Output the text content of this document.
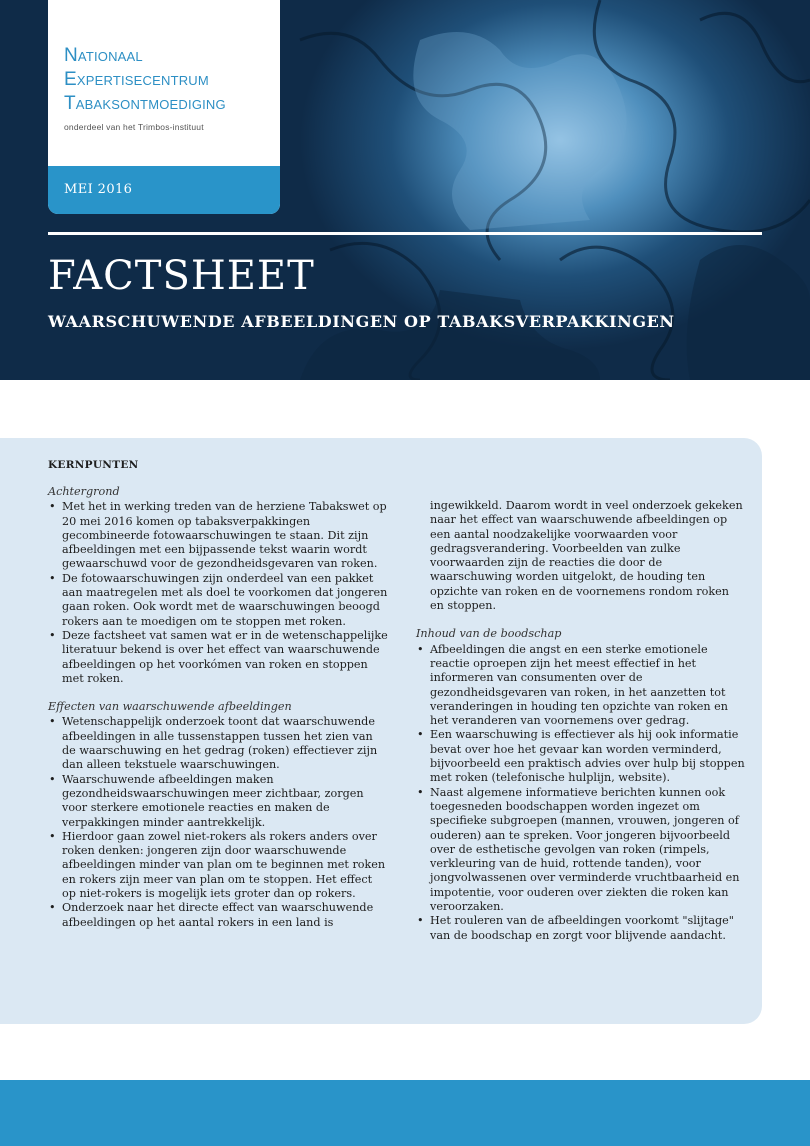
Nationaal
Expertisecentrum
Tabaksontmoediging
onderdeel van het Trimbos-instituut
MEI 2016
FACTSHEET
WAARSCHUWENDE AFBEELDINGEN OP TABAKSVERPAKKINGEN
KERNPUNTEN
Achtergrond
• Met het in werking treden van de herziene Tabakswet op 20 mei 2016 komen op tabaksverpakkingen gecombineerde fotowaarschuwingen te staan. Dit zijn afbeeldingen met een bijpassende tekst waarin wordt gewaarschuwd voor de gezondheidsgevaren van roken.
• De fotowaarschuwingen zijn onderdeel van een pakket aan maatregelen met als doel te voorkomen dat jongeren gaan roken. Ook wordt met de waarschuwingen beoogd rokers aan te moedigen om te stoppen met roken.
• Deze factsheet vat samen wat er in de wetenschappelijke literatuur bekend is over het effect van waarschuwende afbeeldingen op het voorkómen van roken en stoppen met roken.
Effecten van waarschuwende afbeeldingen
• Wetenschappelijk onderzoek toont dat waarschuwende afbeeldingen in alle tussenstappen tussen het zien van de waarschuwing en het gedrag (roken) effectiever zijn dan alleen tekstuele waarschuwingen.
• Waarschuwende afbeeldingen maken gezondheidswaarschuwingen meer zichtbaar, zorgen voor sterkere emotionele reacties en maken de verpakkingen minder aantrekkelijk.
• Hierdoor gaan zowel niet-rokers als rokers anders over roken denken: jongeren zijn door waarschuwende afbeeldingen minder van plan om te beginnen met roken en rokers zijn meer van plan om te stoppen. Het effect op niet-rokers is mogelijk iets groter dan op rokers.
• Onderzoek naar het directe effect van waarschuwende afbeeldingen op het aantal rokers in een land is
ingewikkeld. Daarom wordt in veel onderzoek gekeken naar het effect van waarschuwende afbeeldingen op een aantal noodzakelijke voorwaarden voor gedragsverandering. Voorbeelden van zulke voorwaarden zijn de reacties die door de waarschuwing worden uitgelokt, de houding ten opzichte van roken en de voornemens rondom roken en stoppen.
Inhoud van de boodschap
• Afbeeldingen die angst en een sterke emotionele reactie oproepen zijn het meest effectief in het informeren van consumenten over de gezondheidsgevaren van roken, in het aanzetten tot veranderingen in houding ten opzichte van roken en het veranderen van voornemens over gedrag.
• Een waarschuwing is effectiever als hij ook informatie bevat over hoe het gevaar kan worden verminderd, bijvoorbeeld een praktisch advies over hulp bij stoppen met roken (telefonische hulplijn, website).
• Naast algemene informatieve berichten kunnen ook toegesneden boodschappen worden ingezet om specifieke subgroepen (mannen, vrouwen, jongeren of ouderen) aan te spreken. Voor jongeren bijvoorbeeld over de esthetische gevolgen van roken (rimpels, verkleuring van de huid, rottende tanden), voor jongvolwassenen over verminderde vruchtbaarheid en impotentie, voor ouderen over ziekten die roken kan veroorzaken.
• Het rouleren van de afbeeldingen voorkomt "slijtage" van de boodschap en zorgt voor blijvende aandacht.
